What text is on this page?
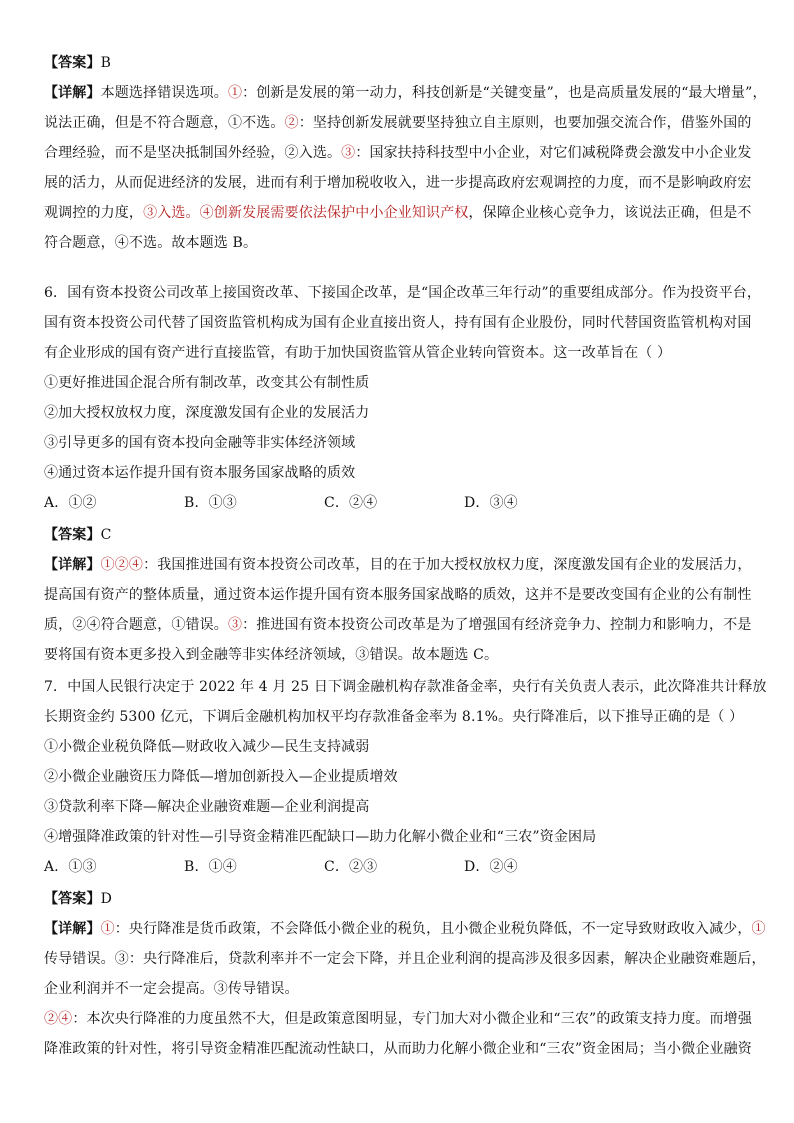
【答案】B
【详解】本题选择错误选项。①：创新是发展的第一动力，科技创新是“关键变量”，也是高质量发展的“最大增量”，
说法正确，但是不符合题意，①不选。②：坚持创新发展就要坚持独立自主原则，也要加强交流合作，借鉴外国的
合理经验，而不是坚决抵制国外经验，②入选。③：国家扶持科技型中小企业，对它们减税降费会激发中小企业发
展的活力，从而促进经济的发展，进而有利于增加税收收入，进一步提高政府宏观调控的力度，而不是影响政府宏
观调控的力度，③入选。④创新发展需要依法保护中小企业知识产权，保障企业核心竞争力，该说法正确，但是不
符合题意，④不选。故本题选 B。
6．国有资本投资公司改革上接国资改革、下接国企改革，是“国企改革三年行动”的重要组成部分。作为投资平台，
国有资本投资公司代替了国资监管机构成为国有企业直接出资人，持有国有企业股份，同时代替国资监管机构对国
有企业形成的国有资产进行直接监管，有助于加快国资监管从管企业转向管资本。这一改革旨在（ ）
①更好推进国企混合所有制改革，改变其公有制性质
②加大授权放权力度，深度激发国有企业的发展活力
③引导更多的国有资本投向金融等非实体经济领域
④通过资本运作提升国有资本服务国家战略的质效
A．①②	B．①③	C．②④	D．③④
【答案】C
【详解】①②④：我国推进国有资本投资公司改革，目的在于加大授权放权力度，深度激发国有企业的发展活力，
提高国有资产的整体质量，通过资本运作提升国有资本服务国家战略的质效，这并不是要改变国有企业的公有制性
质，②④符合题意，①错误。③：推进国有资本投资公司改革是为了增强国有经济竞争力、控制力和影响力，不是
要将国有资本更多投入到金融等非实体经济领域，③错误。故本题选 C。
7．中国人民银行决定于 2022 年 4 月 25 日下调金融机构存款准备金率，央行有关负责人表示，此次降准共计释放
长期资金约 5300 亿元，下调后金融机构加权平均存款准备金率为 8.1%。央行降准后，以下推导正确的是（ ）
①小微企业税负降低—财政收入减少—民生支持减弱
②小微企业融资压力降低—增加创新投入—企业提质增效
③贷款利率下降—解决企业融资难题—企业利润提高
④增强降准政策的针对性—引导资金精准匹配缺口—助力化解小微企业和“三农”资金困局
A．①③	B．①④	C．②③	D．②④
【答案】D
【详解】①：央行降准是货币政策，不会降低小微企业的税负，且小微企业税负降低，不一定导致财政收入减少，①
传导错误。③：央行降准后，贷款利率并不一定会下降，并且企业利润的提高涉及很多因素，解决企业融资难题后，
企业利润并不一定会提高。③传导错误。
②④：本次央行降准的力度虽然不大，但是政策意图明显，专门加大对小微企业和“三农”的政策支持力度。而增强
降准政策的针对性，将引导资金精准匹配流动性缺口，从而助力化解小微企业和“三农”资金困局；当小微企业融资
